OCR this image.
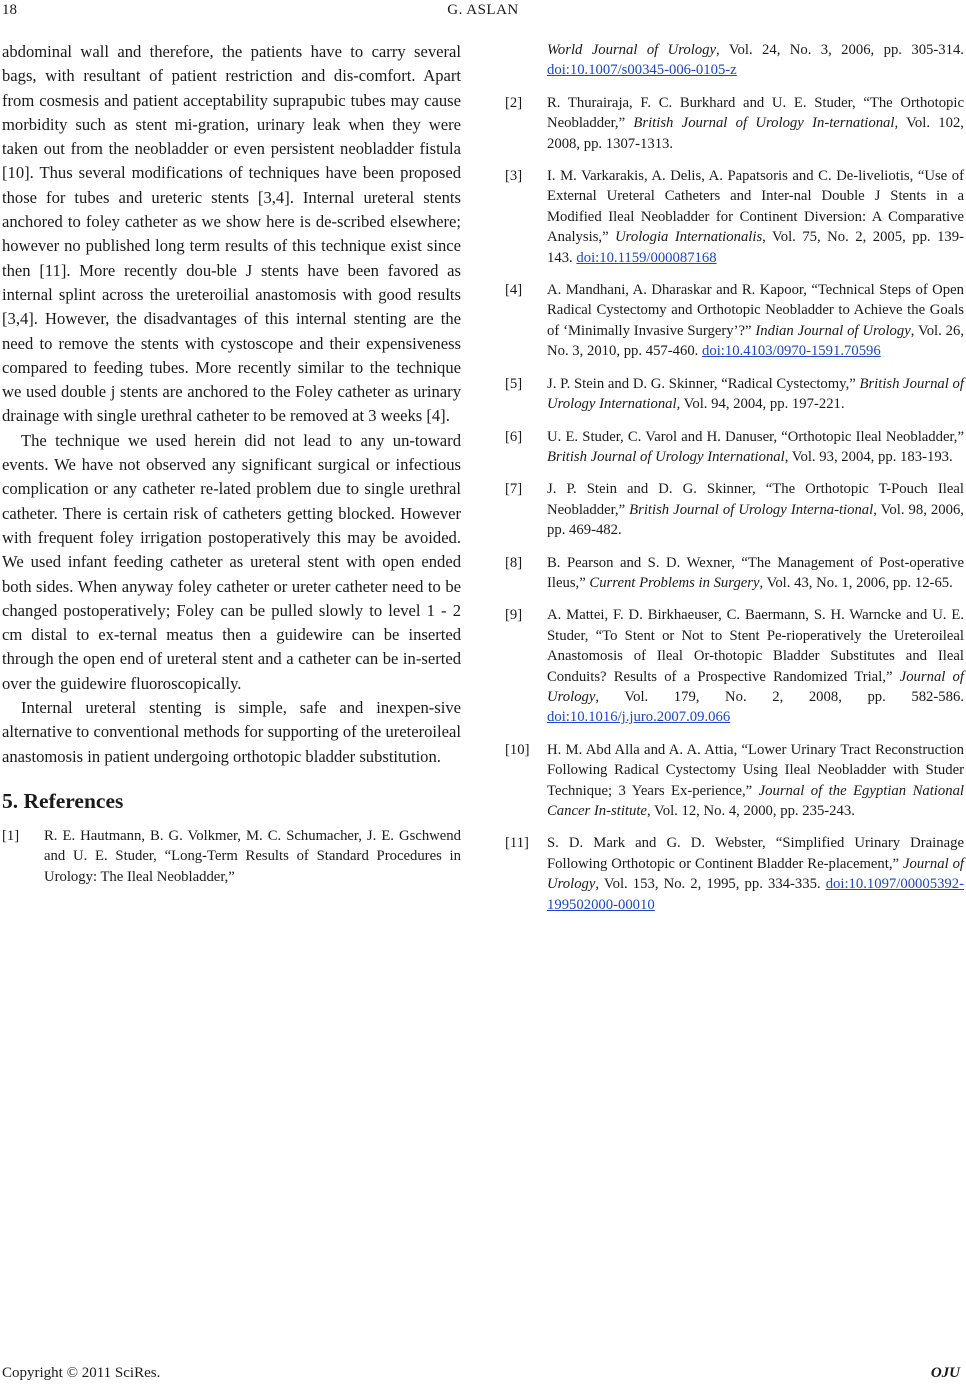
18	G. ASLAN

abdominal wall and therefore, the patients have to carry several bags, with resultant of patient restriction and dis-comfort. Apart from cosmesis and patient acceptability suprapubic tubes may cause morbidity such as stent mi-gration, urinary leak when they were taken out from the neobladder or even persistent neobladder fistula [10]. Thus several modifications of techniques have been proposed those for tubes and ureteric stents [3,4]. Internal ureteral stents anchored to foley catheter as we show here is de-scribed elsewhere; however no published long term results of this technique exist since then [11]. More recently dou-ble J stents have been favored as internal splint across the ureteroilial anastomosis with good results [3,4]. However, the disadvantages of this internal stenting are the need to remove the stents with cystoscope and their expensiveness compared to feeding tubes. More recently similar to the technique we used double j stents are anchored to the Foley catheter as urinary drainage with single urethral catheter to be removed at 3 weeks [4].

The technique we used herein did not lead to any un-toward events. We have not observed any significant surgical or infectious complication or any catheter re-lated problem due to single urethral catheter. There is certain risk of catheters getting blocked. However with frequent foley irrigation postoperatively this may be avoided. We used infant feeding catheter as ureteral stent with open ended both sides. When anyway foley catheter or ureter catheter need to be changed postoperatively; Foley can be pulled slowly to level 1 - 2 cm distal to ex-ternal meatus then a guidewire can be inserted through the open end of ureteral stent and a catheter can be in-serted over the guidewire fluoroscopically.

Internal ureteral stenting is simple, safe and inexpen-sive alternative to conventional methods for supporting of the ureteroileal anastomosis in patient undergoing orthotopic bladder substitution.

5. References
[1] R. E. Hautmann, B. G. Volkmer, M. C. Schumacher, J. E. Gschwend and U. E. Studer, “Long-Term Results of Standard Procedures in Urology: The Ileal Neobladder,”
World Journal of Urology, Vol. 24, No. 3, 2006, pp. 305-314. doi:10.1007/s00345-006-0105-z
[2] R. Thurairaja, F. C. Burkhard and U. E. Studer, “The Orthotopic Neobladder,” British Journal of Urology In-ternational, Vol. 102, 2008, pp. 1307-1313.
[3] I. M. Varkarakis, A. Delis, A. Papatsoris and C. De-liveliotis, “Use of External Ureteral Catheters and Inter-nal Double J Stents in a Modified Ileal Neobladder for Continent Diversion: A Comparative Analysis,” Urologia Internationalis, Vol. 75, No. 2, 2005, pp. 139-143. doi:10.1159/000087168
[4] A. Mandhani, A. Dharaskar and R. Kapoor, “Technical Steps of Open Radical Cystectomy and Orthotopic Neobladder to Achieve the Goals of ‘Minimally Invasive Surgery’?” Indian Journal of Urology, Vol. 26, No. 3, 2010, pp. 457-460. doi:10.4103/0970-1591.70596
[5] J. P. Stein and D. G. Skinner, “Radical Cystectomy,” British Journal of Urology International, Vol. 94, 2004, pp. 197-221.
[6] U. E. Studer, C. Varol and H. Danuser, “Orthotopic Ileal Neobladder,” British Journal of Urology International, Vol. 93, 2004, pp. 183-193.
[7] J. P. Stein and D. G. Skinner, “The Orthotopic T-Pouch Ileal Neobladder,” British Journal of Urology Interna-tional, Vol. 98, 2006, pp. 469-482.
[8] B. Pearson and S. D. Wexner, “The Management of Post-operative Ileus,” Current Problems in Surgery, Vol. 43, No. 1, 2006, pp. 12-65.
[9] A. Mattei, F. D. Birkhaeuser, C. Baermann, S. H. Warncke and U. E. Studer, “To Stent or Not to Stent Pe-rioperatively the Ureteroileal Anastomosis of Ileal Or-thotopic Bladder Substitutes and Ileal Conduits? Results of a Prospective Randomized Trial,” Journal of Urology, Vol. 179, No. 2, 2008, pp. 582-586. doi:10.1016/j.juro.2007.09.066
[10] H. M. Abd Alla and A. A. Attia, “Lower Urinary Tract Reconstruction Following Radical Cystectomy Using Ileal Neobladder with Studer Technique; 3 Years Ex-perience,” Journal of the Egyptian National Cancer In-stitute, Vol. 12, No. 4, 2000, pp. 235-243.
[11] S. D. Mark and G. D. Webster, “Simplified Urinary Drainage Following Orthotopic or Continent Bladder Re-placement,” Journal of Urology, Vol. 153, No. 2, 1995, pp. 334-335. doi:10.1097/00005392-199502000-00010
Copyright © 2011 SciRes.	OJU
